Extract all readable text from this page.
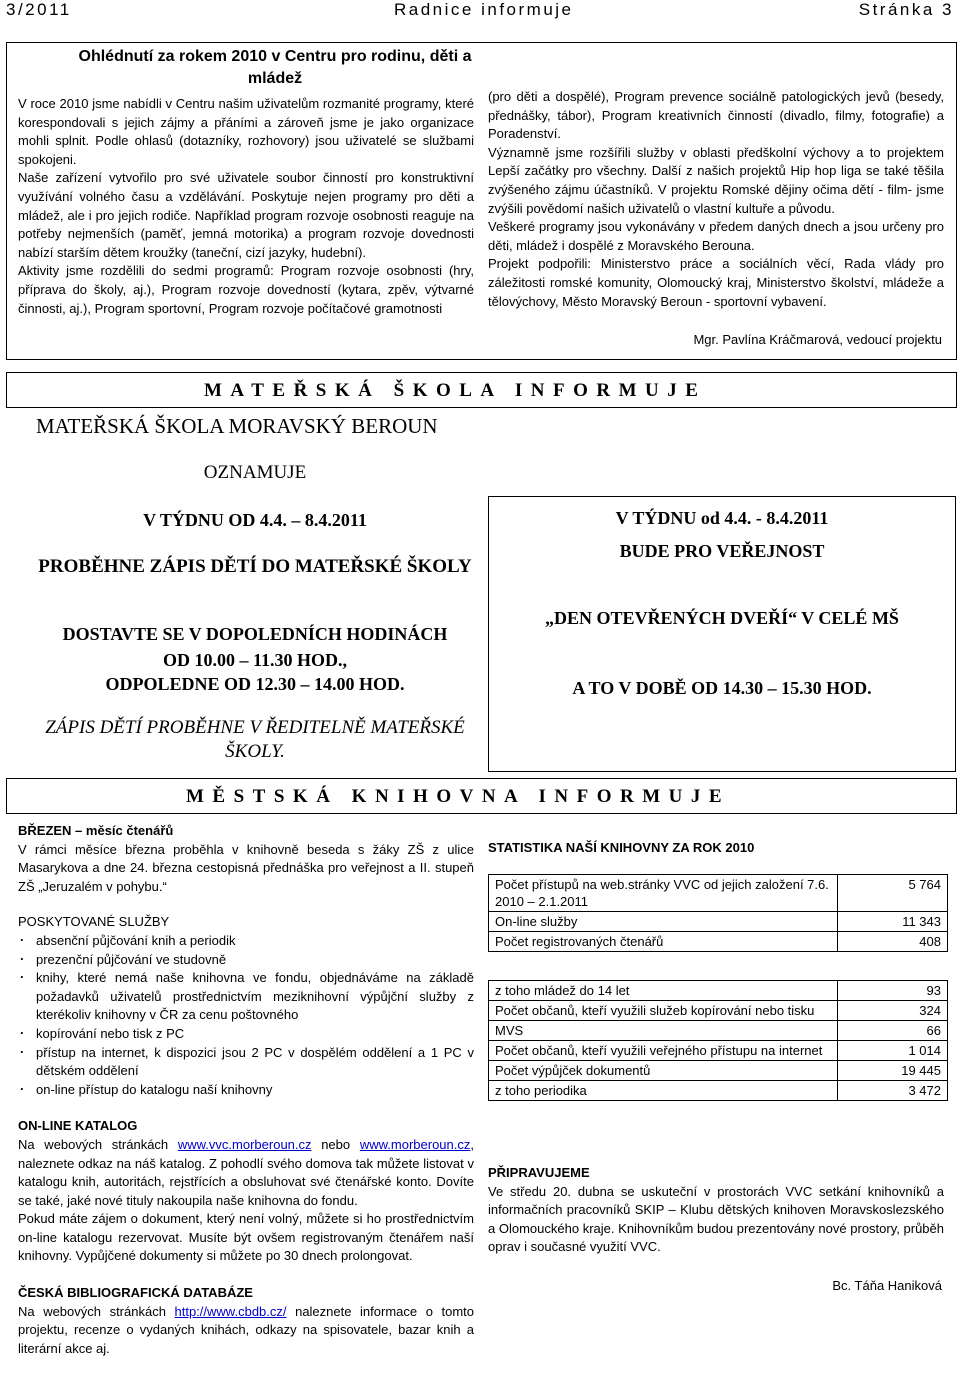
3/2011	Radnice informuje	Stránka 3
Ohlédnutí za rokem 2010 v Centru pro rodinu, děti a mládež

V roce 2010 jsme nabídli v Centru našim uživatelům rozmanité programy, které korespondovali s jejich zájmy a přáními a zároveň jsme je jako organizace mohli splnit. Podle ohlasů (dotazníky, rozhovory) jsou uživatelé se službami spokojeni.

Naše zařízení vytvořilo pro své uživatele soubor činností pro konstruktivní využívání volného času a vzdělávání. Poskytuje nejen programy pro děti a mládež, ale i pro jejich rodiče. Například program rozvoje osobnosti reaguje na potřeby nejmenších (paměť, jemná motorika) a program rozvoje dovednosti nabízí starším dětem kroužky (taneční, cizí jazyky, hudební).

Aktivity jsme rozdělili do sedmi programů: Program rozvoje osobnosti (hry, příprava do školy, aj.), Program rozvoje dovedností (kytara, zpěv, výtvarné činnosti, aj.), Program sportovní, Program rozvoje počítačové gramotnosti

(pro děti a dospělé), Program prevence sociálně patologických jevů (besedy, přednášky, tábor), Program kreativních činností (divadlo, filmy, fotografie) a Poradenství.

Významně jsme rozšířili služby v oblasti předškolní výchovy a to projektem Lepší začátky pro všechny. Další z našich projektů Hip hop liga se také těšila zvýšeného zájmu účastníků. V projektu Romské dějiny očima dětí - film- jsme zvýšili povědomí našich uživatelů o vlastní kultuře a původu.

Veškeré programy jsou vykonávány v předem daných dnech a jsou určeny pro děti, mládež i dospělé z Moravského Berouna.

Projekt podpořili: Ministerstvo práce a sociálních věcí, Rada vlády pro záležitosti romské komunity, Olomoucký kraj, Ministerstvo školství, mládeže a tělovýchovy, Město Moravský Beroun - sportovní vybavení.

Mgr. Pavlína Kráčmarová, vedoucí projektu
MATEŘSKÁ ŠKOLA INFORMUJE
MATEŘSKÁ ŠKOLA MORAVSKÝ BEROUN
OZNAMUJE
V TÝDNU OD 4.4. – 8.4.2011
PROBĚHNE ZÁPIS DĚTÍ DO MATEŘSKÉ ŠKOLY
DOSTAVTE SE V DOPOLEDNÍCH HODINÁCH
OD 10.00 – 11.30 HOD.,
ODPOLEDNE OD 12.30 – 14.00 HOD.
ZÁPIS DĚTÍ PROBĚHNE V ŘEDITELNĚ MATEŘSKÉ ŠKOLY.
V TÝDNU od 4.4. - 8.4.2011
BUDE PRO VEŘEJNOST
„DEN OTEVŘENÝCH DVEŘÍ“ V CELÉ MŠ
A TO V DOBĚ OD 14.30 – 15.30 HOD.
MĚSTSKÁ KNIHOVNA INFORMUJE

BŘEZEN – měsíc čtenářů

V rámci měsíce března proběhla v knihovně beseda s žáky ZŠ z ulice Masarykova a dne 24. března cestopisná přednáška pro veřejnost a II. stupeň ZŠ „Jeruzalém v pohybu.“

POSKYTOVANÉ SLUŽBY

. absenční půjčování knih a periodik
. prezenční půjčování ve studovně
. knihy, které nemá naše knihovna ve fondu, objednáváme na základě požadavků uživatelů prostřednictvím meziknihovní výpůjční služby z kterékoliv knihovny v ČR za cenu poštovného
. kopírování nebo tisk z PC
. přístup na internet, k dispozici jsou 2 PC v dospělém oddělení a 1 PC v dětském oddělení
. on-line přístup do katalogu naší knihovny

ON-LINE KATALOG

Na webových stránkách www.vvc.morberoun.cz nebo www.morberoun.cz, naleznete odkaz na náš katalog. Z pohodlí svého domova tak můžete listovat v katalogu knih, autoritách, rejstřících a obsluhovat své čtenářské konto. Dovíte se také, jaké nové tituly nakoupila naše knihovna do fondu.

Pokud máte zájem o dokument, který není volný, můžete si ho prostřednictvím on-line katalogu rezervovat. Musíte být ovšem registrovaným čtenářem naší knihovny. Vypůjčené dokumenty si můžete po 30 dnech prolongovat.

ČESKÁ BIBLIOGRAFICKÁ DATABÁZE

Na webových stránkách http://www.cbdb.cz/ naleznete informace o tomto projektu, recenze o vydaných knihách, odkazy na spisovatele, bazar knih a literární akce aj.

STATISTIKA NAŠÍ KNIHOVNY ZA ROK 2010
Počet přístupů na web.stránky VVC od jejich založení 7.6. 2010 – 2.1.2011	5 764
On-line služby	11 343
Počet registrovaných čtenářů	408
z toho mládež do 14 let	93
Počet občanů, kteří využili služeb kopírování nebo tisku	324
MVS	66
Počet občanů, kteří využili veřejného přístupu na internet	1 014
Počet výpůjček dokumentů	19 445
z toho periodika	3 472

PŘIPRAVUJEME

Ve středu 20. dubna se uskuteční v prostorách VVC setkání knihovníků a informačních pracovníků SKIP – Klubu dětských knihoven Moravskoslezského a Olomouckého kraje. Knihovníkům budou prezentovány nové prostory, průběh oprav i současné využití VVC.

Bc. Táňa Haniková
